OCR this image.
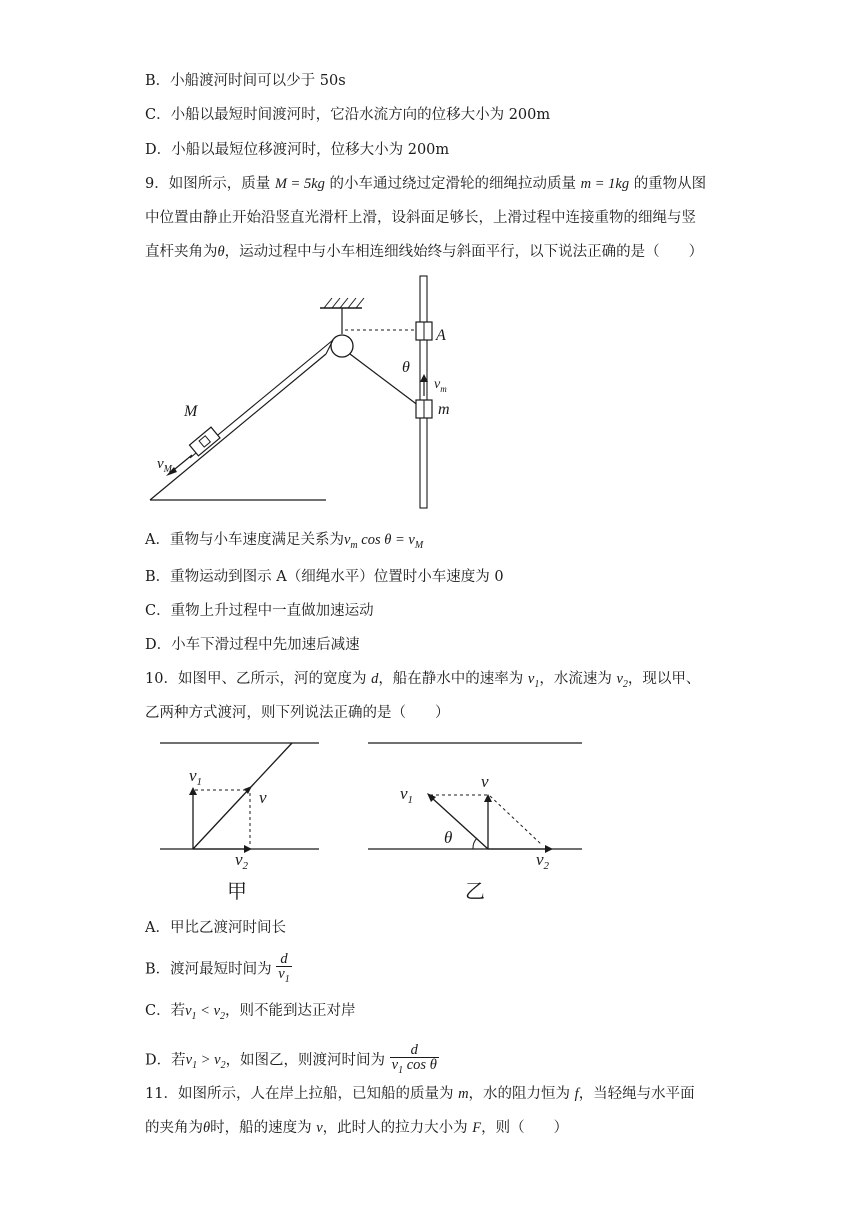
B．小船渡河时间可以少于 50s
C．小船以最短时间渡河时，它沿水流方向的位移大小为 200m
D．小船以最短位移渡河时，位移大小为 200m
9．如图所示，质量 M = 5kg 的小车通过绕过定滑轮的细绳拉动质量 m = 1kg 的重物从图
中位置由静止开始沿竖直光滑杆上滑，设斜面足够长，上滑过程中连接重物的细绳与竖
直杆夹角为θ，运动过程中与小车相连细线始终与斜面平行，以下说法正确的是（　　）
M
$v_M$
A
θ
m
$v_m$
A．重物与小车速度满足关系为$v_m$ $\cos \theta = v_M$
B．重物运动到图示 A（细绳水平）位置时小车速度为 0
C．重物上升过程中一直做加速运动
D．小车下滑过程中先加速后减速
10．如图甲、乙所示，河的宽度为 d，船在静水中的速率为 $v_1$，水流速为 $v_2$，现以甲、
乙两种方式渡河，则下列说法正确的是（　　）
$v_1$
v
$v_2$
甲
$v_1$
v
θ
$v_2$
乙
A．甲比乙渡河时间长
B．渡河最短时间为 $\frac{d}{v_1}$
C．若$v_1 < v_2$，则不能到达正对岸
D．若$v_1 > v_2$，如图乙，则渡河时间为 $\frac{d}{v_1 \cos \theta}$
11．如图所示，人在岸上拉船，已知船的质量为 m，水的阻力恒为 f，当轻绳与水平面
的夹角为θ时，船的速度为 v，此时人的拉力大小为 F，则（　　）
